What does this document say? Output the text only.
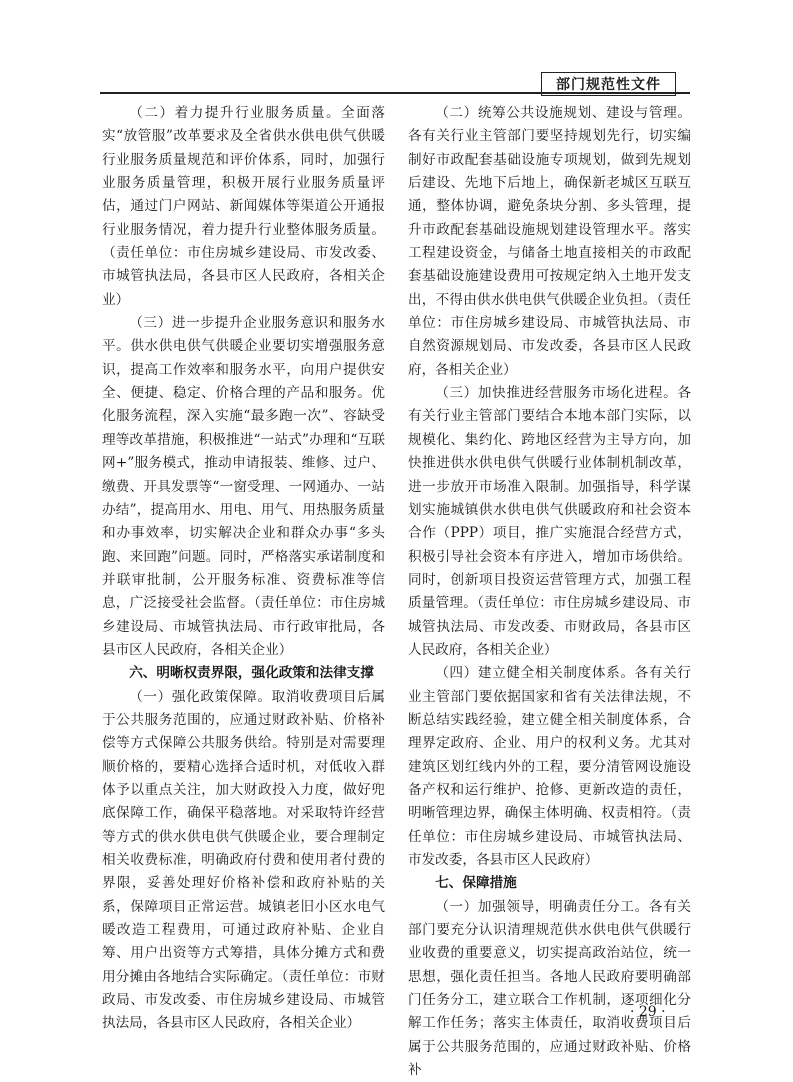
部门规范性文件

（二）着力提升行业服务质量。全面落实“放管服”改革要求及全省供水供电供气供暖行业服务质量规范和评价体系，同时，加强行业服务质量管理，积极开展行业服务质量评估，通过门户网站、新闻媒体等渠道公开通报行业服务情况，着力提升行业整体服务质量。（责任单位：市住房城乡建设局、市发改委、市城管执法局，各县市区人民政府，各相关企业）

（三）进一步提升企业服务意识和服务水平。供水供电供气供暖企业要切实增强服务意识，提高工作效率和服务水平，向用户提供安全、便捷、稳定、价格合理的产品和服务。优化服务流程，深入实施“最多跑一次”、容缺受理等改革措施，积极推进“一站式”办理和“互联网+”服务模式，推动申请报装、维修、过户、缴费、开具发票等“一窗受理、一网通办、一站办结”，提高用水、用电、用气、用热服务质量和办事效率，切实解决企业和群众办事“多头跑、来回跑”问题。同时，严格落实承诺制度和并联审批制，公开服务标准、资费标准等信息，广泛接受社会监督。（责任单位：市住房城乡建设局、市城管执法局、市行政审批局，各县市区人民政府，各相关企业）

六、明晰权责界限，强化政策和法律支撑

（一）强化政策保障。取消收费项目后属于公共服务范围的，应通过财政补贴、价格补偿等方式保障公共服务供给。特别是对需要理顺价格的，要精心选择合适时机，对低收入群体予以重点关注，加大财政投入力度，做好兜底保障工作，确保平稳落地。对采取特许经营等方式的供水供电供气供暖企业，要合理制定相关收费标准，明确政府付费和使用者付费的界限，妥善处理好价格补偿和政府补贴的关系，保障项目正常运营。城镇老旧小区水电气暖改造工程费用，可通过政府补贴、企业自筹、用户出资等方式筹措，具体分摊方式和费用分摊由各地结合实际确定。（责任单位：市财政局、市发改委、市住房城乡建设局、市城管执法局，各县市区人民政府，各相关企业）

（二）统筹公共设施规划、建设与管理。各有关行业主管部门要坚持规划先行，切实编制好市政配套基础设施专项规划，做到先规划后建设、先地下后地上，确保新老城区互联互通，整体协调，避免条块分割、多头管理，提升市政配套基础设施规划建设管理水平。落实工程建设资金，与储备土地直接相关的市政配套基础设施建设费用可按规定纳入土地开发支出，不得由供水供电供气供暖企业负担。（责任单位：市住房城乡建设局、市城管执法局、市自然资源规划局、市发改委，各县市区人民政府，各相关企业）

（三）加快推进经营服务市场化进程。各有关行业主管部门要结合本地本部门实际，以规模化、集约化、跨地区经营为主导方向，加快推进供水供电供气供暖行业体制机制改革，进一步放开市场准入限制。加强指导，科学谋划实施城镇供水供电供气供暖政府和社会资本合作（PPP）项目，推广实施混合经营方式，积极引导社会资本有序进入，增加市场供给。同时，创新项目投资运营管理方式，加强工程质量管理。（责任单位：市住房城乡建设局、市城管执法局、市发改委、市财政局，各县市区人民政府，各相关企业）

（四）建立健全相关制度体系。各有关行业主管部门要依据国家和省有关法律法规，不断总结实践经验，建立健全相关制度体系，合理界定政府、企业、用户的权利义务。尤其对建筑区划红线内外的工程，要分清管网设施设备产权和运行维护、抢修、更新改造的责任，明晰管理边界，确保主体明确、权责相符。（责任单位：市住房城乡建设局、市城管执法局、市发改委，各县市区人民政府）

七、保障措施

（一）加强领导，明确责任分工。各有关部门要充分认识清理规范供水供电供气供暖行业收费的重要意义，切实提高政治站位，统一思想，强化责任担当。各地人民政府要明确部门任务分工，建立联合工作机制，逐项细化分解工作任务；落实主体责任，取消收费项目后属于公共服务范围的，应通过财政补贴、价格补

· 29 ·
